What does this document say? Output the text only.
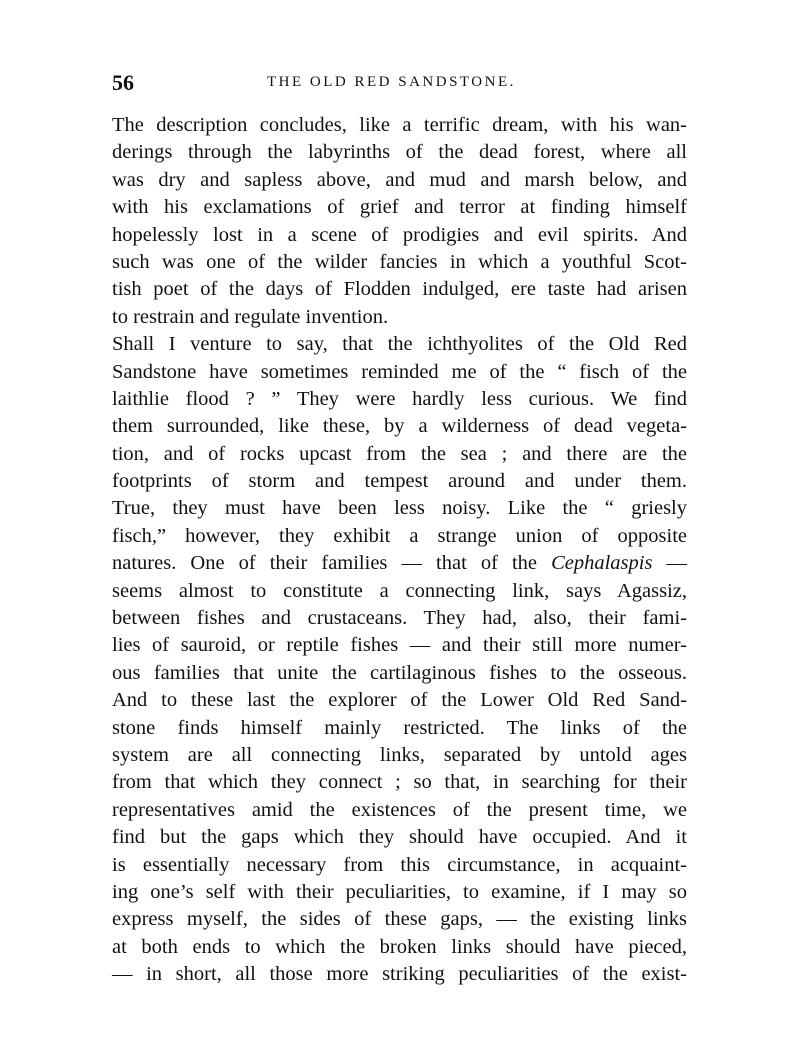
56	THE OLD RED SANDSTONE.
The description concludes, like a terrific dream, with his wan-
derings through the labyrinths of the dead forest, where all
was dry and sapless above, and mud and marsh below, and
with his exclamations of grief and terror at finding himself
hopelessly lost in a scene of prodigies and evil spirits. And
such was one of the wilder fancies in which a youthful Scot-
tish poet of the days of Flodden indulged, ere taste had arisen
to restrain and regulate invention.
Shall I venture to say, that the ichthyolites of the Old Red
Sandstone have sometimes reminded me of the “ fisch of the
laithlie flood ? ” They were hardly less curious. We find
them surrounded, like these, by a wilderness of dead vegeta-
tion, and of rocks upcast from the sea ; and there are the
footprints of storm and tempest around and under them.
True, they must have been less noisy. Like the “ griesly
fisch,” however, they exhibit a strange union of opposite
natures. One of their families — that of the Cephalaspis —
seems almost to constitute a connecting link, says Agassiz,
between fishes and crustaceans. They had, also, their fami-
lies of sauroid, or reptile fishes — and their still more numer-
ous families that unite the cartilaginous fishes to the osseous.
And to these last the explorer of the Lower Old Red Sand-
stone finds himself mainly restricted. The links of the
system are all connecting links, separated by untold ages
from that which they connect ; so that, in searching for their
representatives amid the existences of the present time, we
find but the gaps which they should have occupied. And it
is essentially necessary from this circumstance, in acquaint-
ing one’s self with their peculiarities, to examine, if I may so
express myself, the sides of these gaps, — the existing links
at both ends to which the broken links should have pieced,
— in short, all those more striking peculiarities of the exist-
